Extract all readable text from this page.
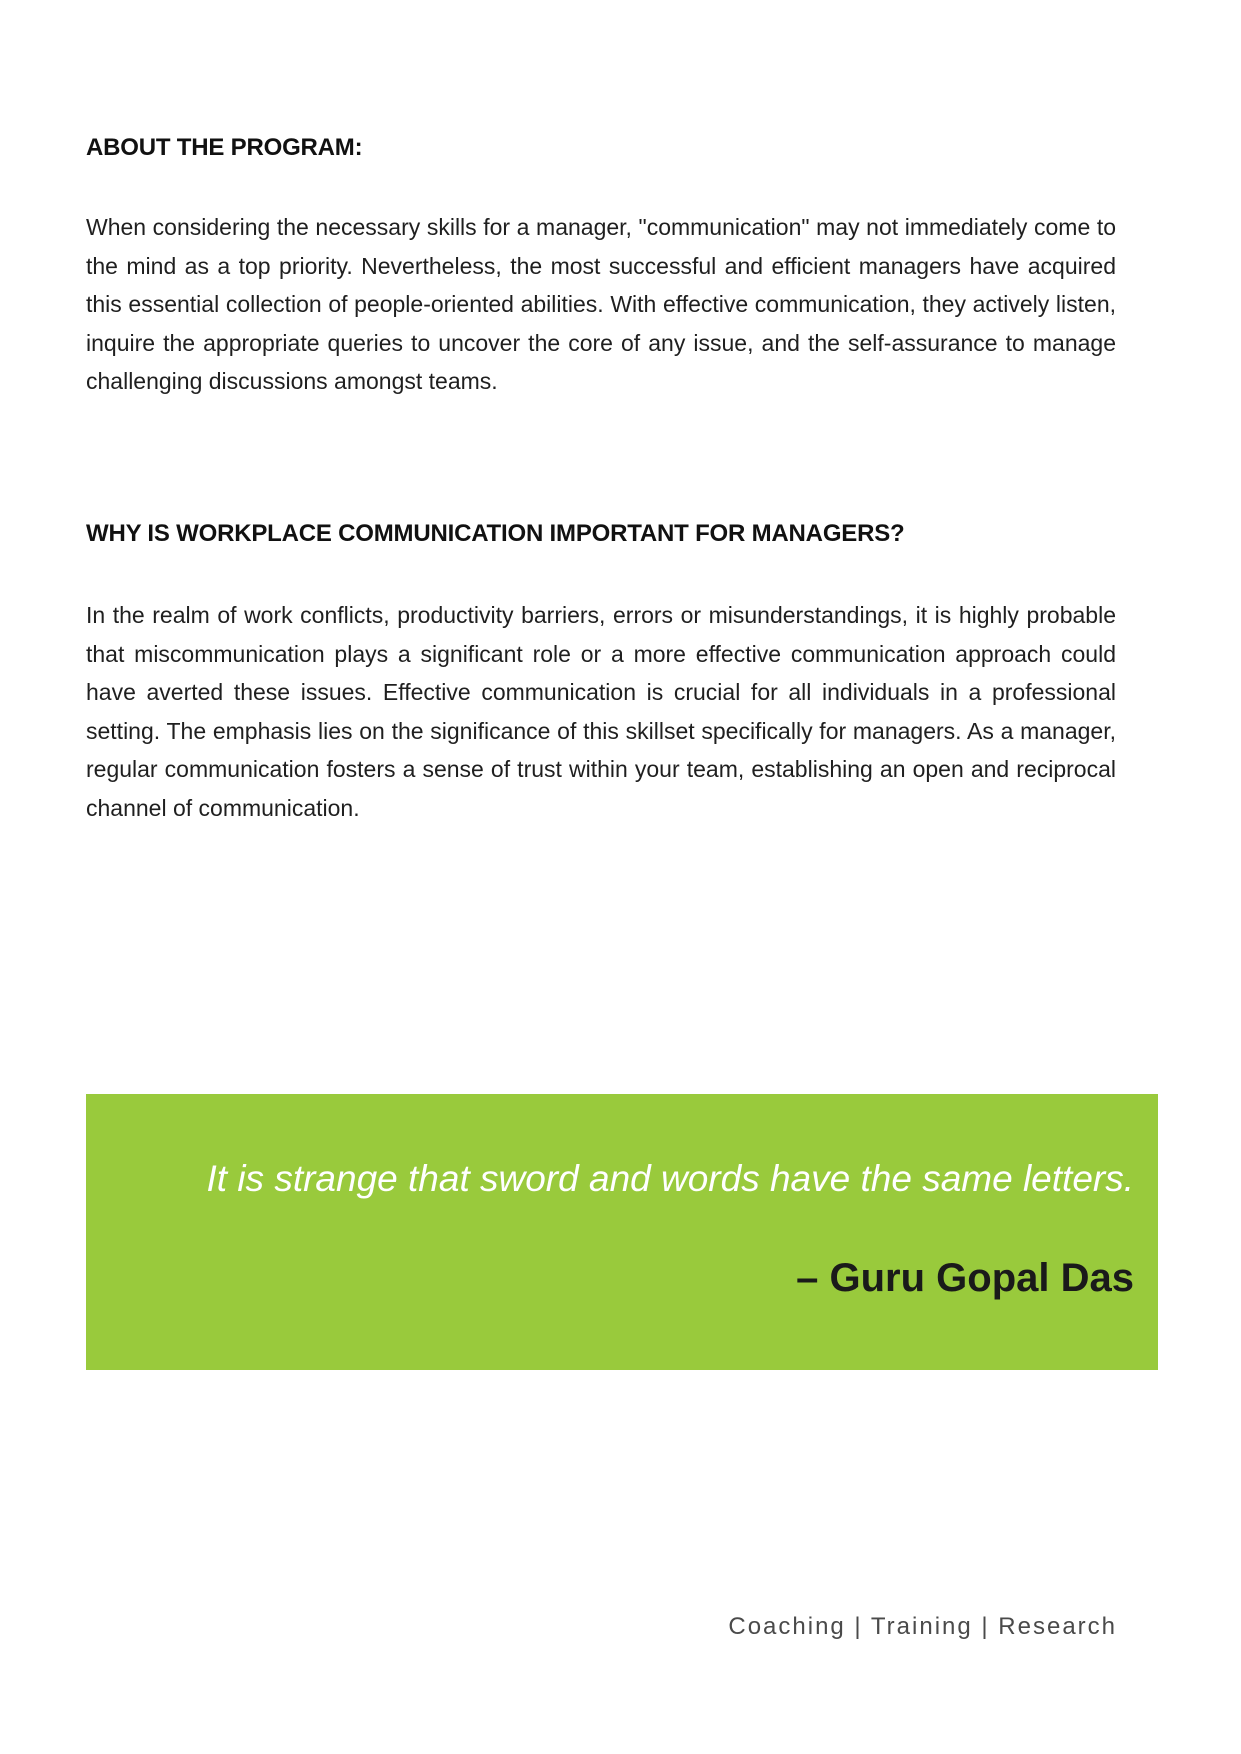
ABOUT THE PROGRAM:

When considering the necessary skills for a manager, "communication" may not immediately come to the mind as a top priority. Nevertheless, the most successful and efficient managers have acquired this essential collection of people-oriented abilities. With effective communication, they actively listen, inquire the appropriate queries to uncover the core of any issue, and the self-assurance to manage challenging discussions amongst teams.

WHY IS WORKPLACE COMMUNICATION IMPORTANT FOR MANAGERS?

In the realm of work conflicts, productivity barriers, errors or misunderstandings, it is highly probable that miscommunication plays a significant role or a more effective communication approach could have averted these issues. Effective communication is crucial for all individuals in a professional setting. The emphasis lies on the significance of this skillset specifically for managers. As a manager, regular communication fosters a sense of trust within your team, establishing an open and reciprocal channel of communication.

It is strange that sword and words have the same letters.

– Guru Gopal Das

Coaching | Training | Research
